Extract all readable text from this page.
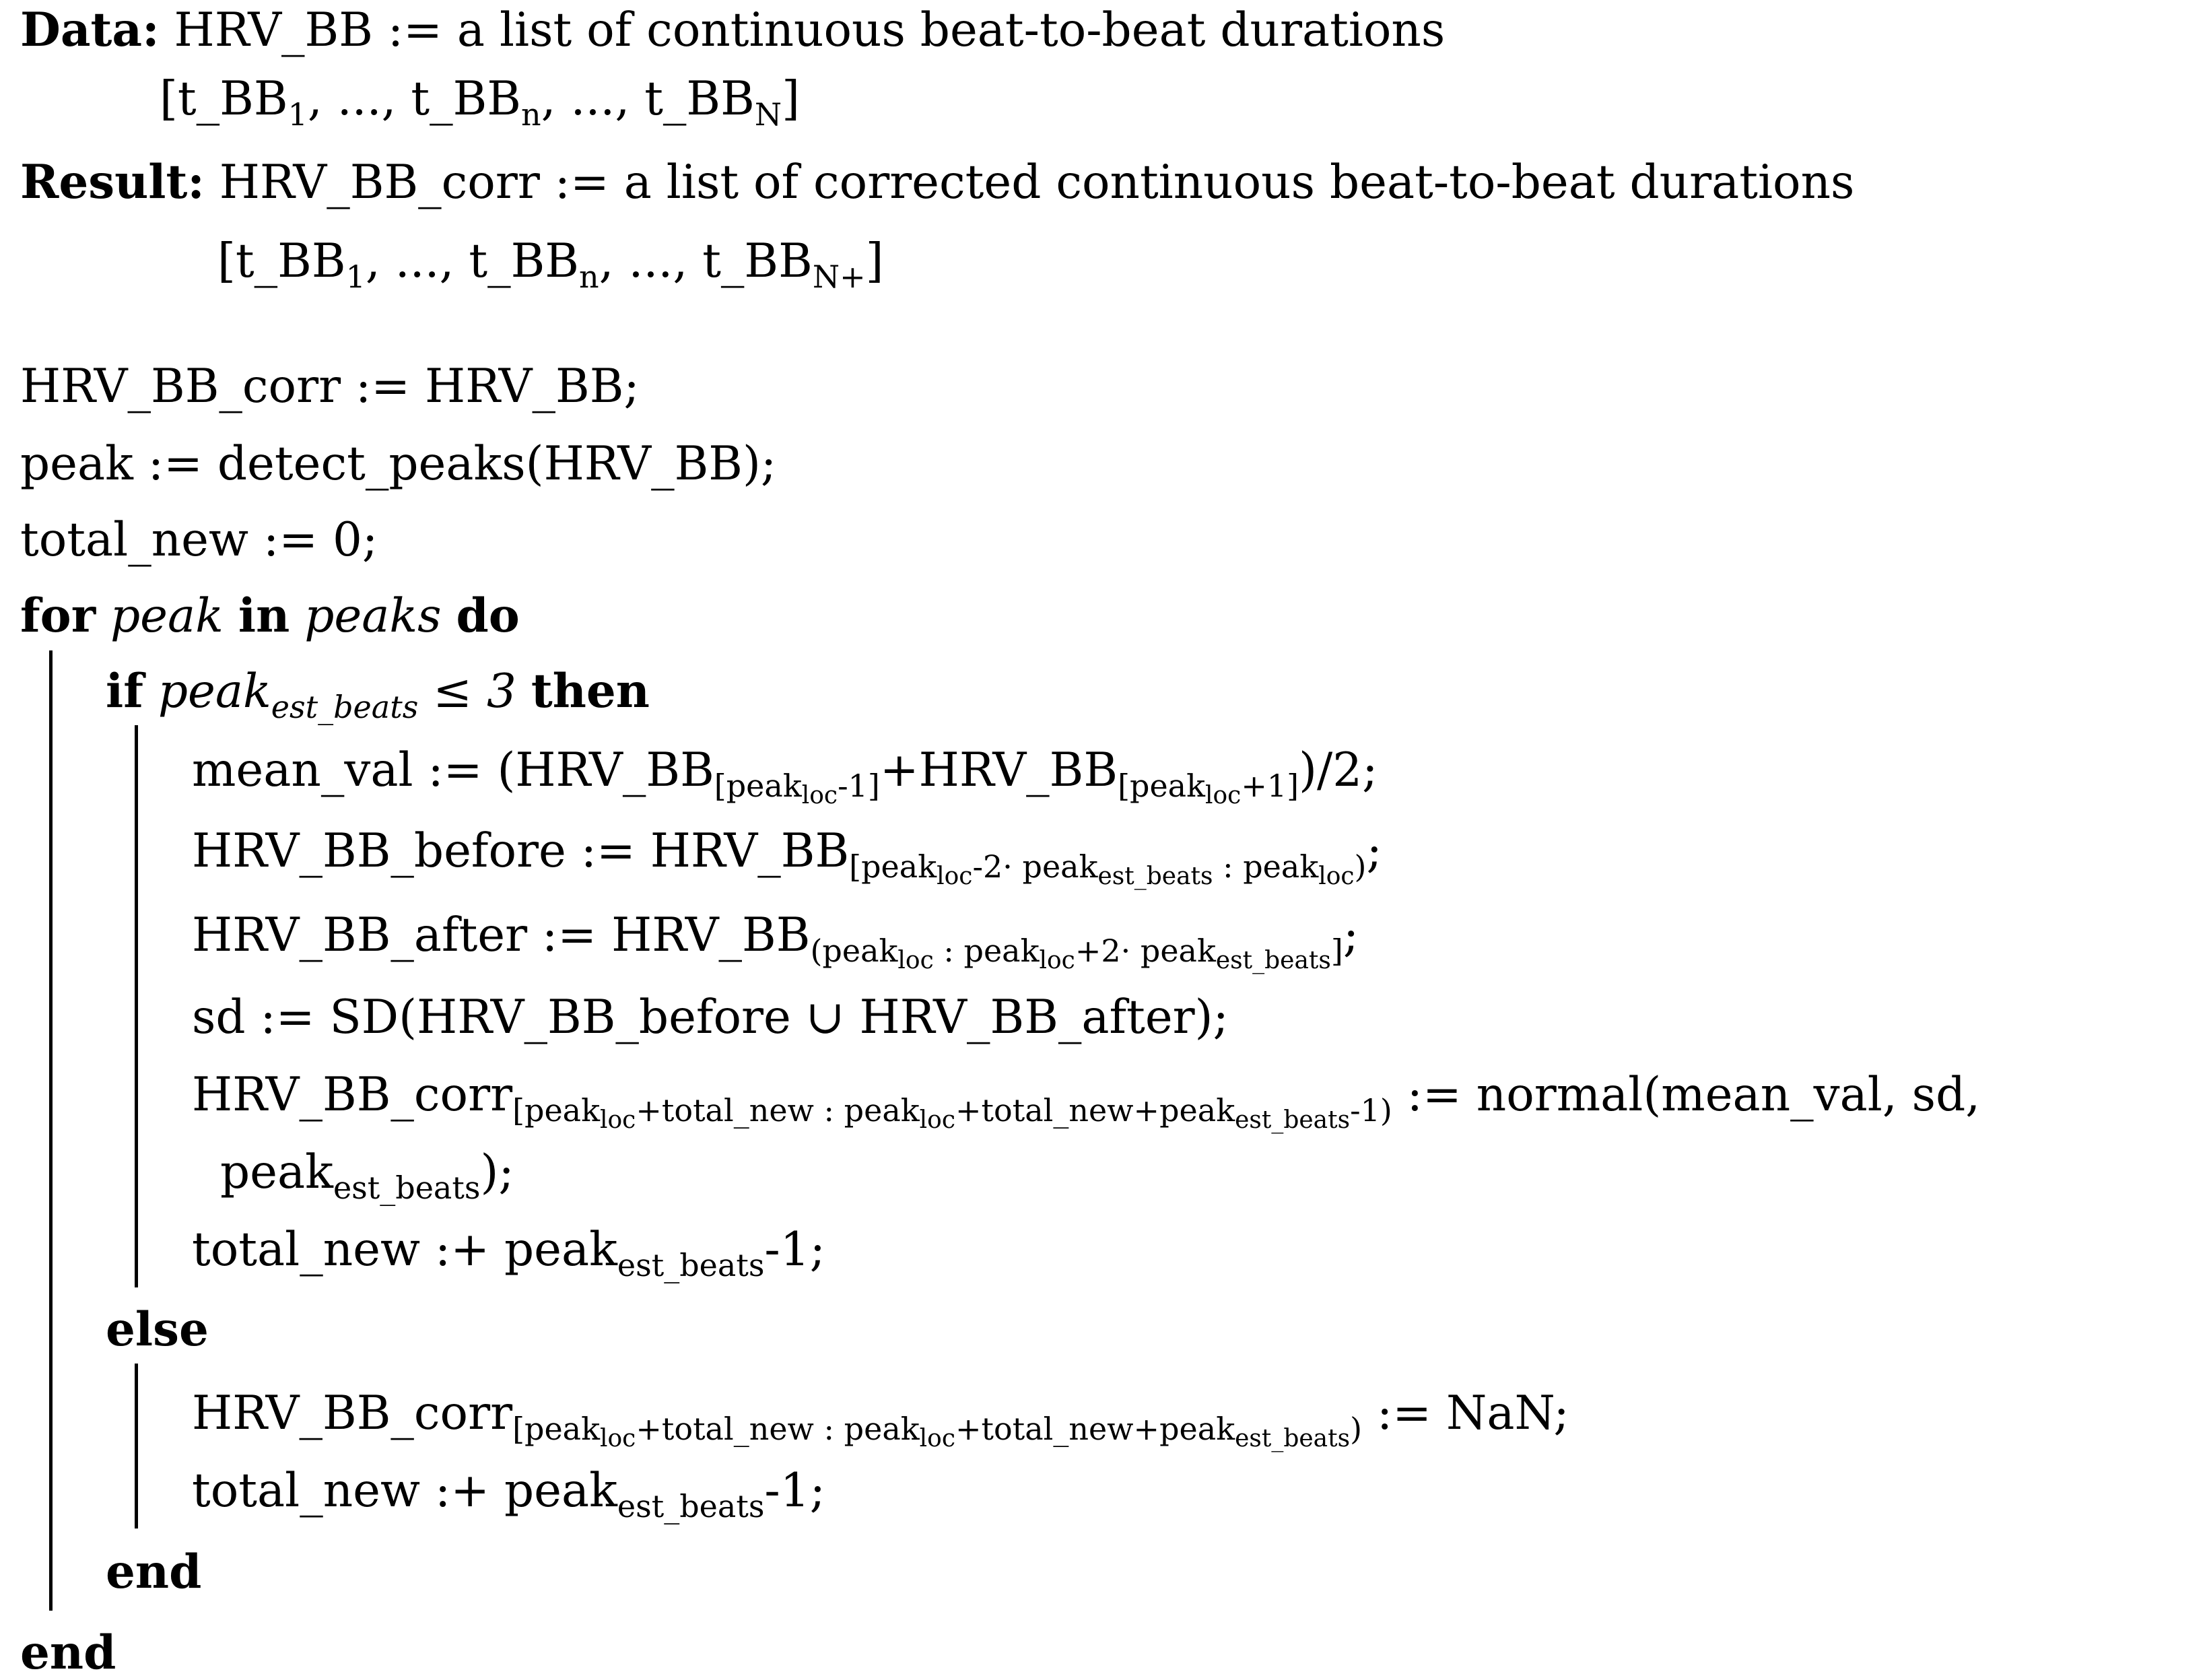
Data: HRV_BB := a list of continuous beat-to-beat durations
[$t\_BB_1$, ..., $t\_BB_n$, ..., $t\_BB_N$]
Result: HRV_BB_corr := a list of corrected continuous beat-to-beat durations
[$t\_BB_1$, ..., $t\_BB_n$, ..., $t\_BB_{N+}$]
HRV_BB_corr := HRV_BB;
peak := detect_peaks(HRV_BB);
total_new := 0;
for peak in peaks do
if peak$_{est\_beats}$ ≤ 3 then
mean_val := $(HRV\_BB_{[peak_{loc}-1]}+HRV\_BB_{[peak_{loc}+1]})/2$;
HRV_BB_before := $HRV\_BB_{[peak_{loc}-2\cdot peak_{est\_beats} : peak_{loc})}$;
HRV_BB_after := $HRV\_BB_{(peak_{loc} : peak_{loc}+2\cdot peak_{est\_beats}]}$;
sd := SD(HRV_BB_before ∪ HRV_BB_after);
HRV_BB_corr$_{[peak_{loc}+total\_new : peak_{loc}+total\_new+peak_{est\_beats}-1)}$ := normal(mean_val, sd,
peak$_{est\_beats}$);
total_new :+ peak$_{est\_beats}$-1;
else
HRV_BB_corr$_{[peak_{loc}+total\_new : peak_{loc}+total\_new+peak_{est\_beats})}$ := NaN;
total_new :+ peak$_{est\_beats}$-1;
end
end
